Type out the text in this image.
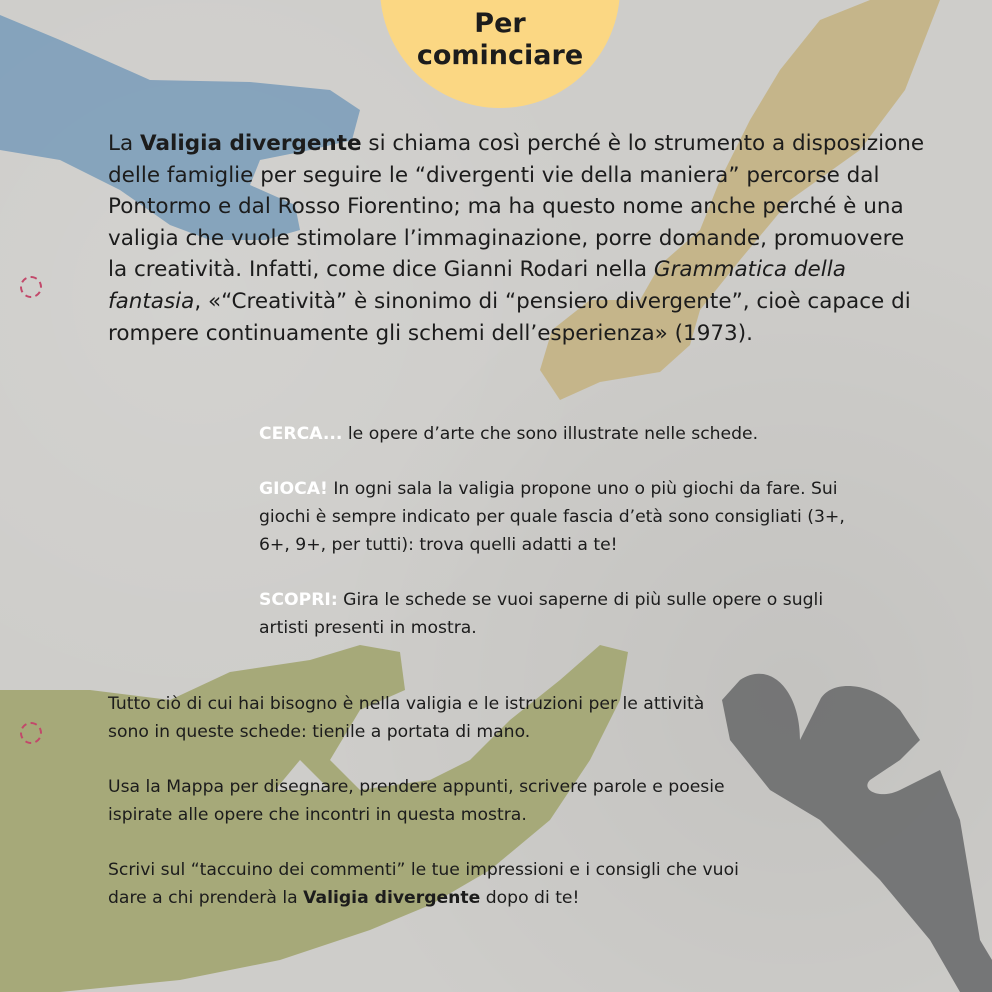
Per
cominciare

La Valigia divergente si chiama così perché è lo strumento a disposizione delle famiglie per seguire le “divergenti vie della maniera” percorse dal Pontormo e dal Rosso Fiorentino; ma ha questo nome anche perché è una valigia che vuole stimolare l’immaginazione, porre domande, promuovere la creatività. Infatti, come dice Gianni Rodari nella Grammatica della fantasia, «“Creatività” è sinonimo di “pensiero divergente”, cioè capace di rompere continuamente gli schemi dell’esperienza» (1973).

CERCA... le opere d’arte che sono illustrate nelle schede.

GIOCA! In ogni sala la valigia propone uno o più giochi da fare. Sui giochi è sempre indicato per quale fascia d’età sono consigliati (3+, 6+, 9+, per tutti): trova quelli adatti a te!

SCOPRI: Gira le schede se vuoi saperne di più sulle opere o sugli artisti presenti in mostra.

Tutto ciò di cui hai bisogno è nella valigia e le istruzioni per le attività sono in queste schede: tienile a portata di mano.

Usa la Mappa per disegnare, prendere appunti, scrivere parole e poesie ispirate alle opere che incontri in questa mostra.

Scrivi sul “taccuino dei commenti” le tue impressioni e i consigli che vuoi dare a chi prenderà la Valigia divergente dopo di te!
